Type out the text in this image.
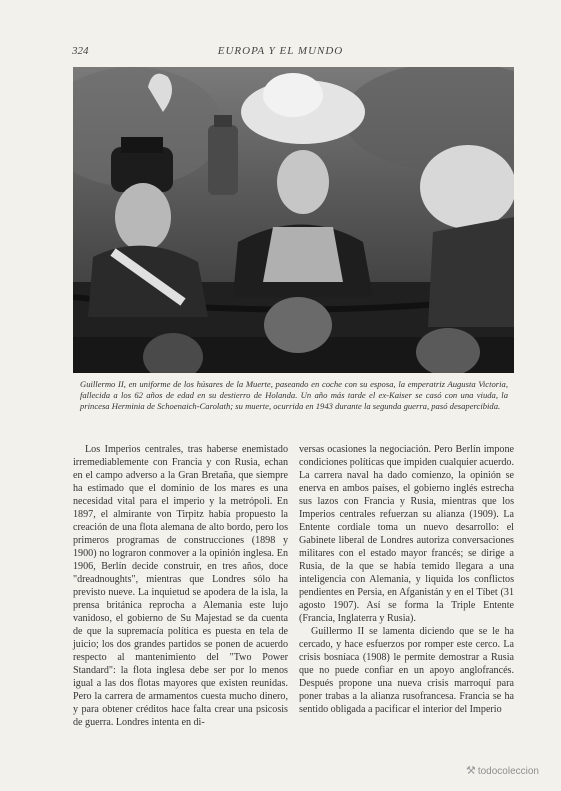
324	EUROPA Y EL MUNDO
Guillermo II, en uniforme de los húsares de la Muerte, paseando en coche con su esposa, la emperatriz Augusta Victoria, fallecida a los 62 años de edad en su destierro de Holanda. Un año más tarde el ex-Kaiser se casó con una viuda, la princesa Herminia de Schoenaich-Carolath; su muerte, ocurrida en 1943 durante la segunda guerra, pasó desapercibida.

Los Imperios centrales, tras haberse enemistado irremediablemente con Francia y con Rusia, echan en el campo adverso a la Gran Bretaña, que siempre ha estimado que el dominio de los mares es una necesidad vital para el imperio y la metrópoli. En 1897, el almirante von Tirpitz había propuesto la creación de una flota alemana de alto bordo, pero los primeros programas de construcciones (1898 y 1900) no lograron conmover a la opinión inglesa. En 1906, Berlín decide construir, en tres años, doce "dreadnoughts", mientras que Londres sólo ha previsto nueve. La inquietud se apodera de la isla, la prensa británica reprocha a Alemania este lujo vanidoso, el gobierno de Su Majestad se da cuenta de que la supremacía política es puesta en tela de juicio; los dos grandes partidos se ponen de acuerdo respecto al mantenimiento del "Two Power Standard": la flota inglesa debe ser por lo menos igual a las dos flotas mayores que existen reunidas. Pero la carrera de armamentos cuesta mucho dinero, y para obtener créditos hace falta crear una psicosis de guerra. Londres intenta en di-

versas ocasiones la negociación. Pero Berlín impone condiciones políticas que impiden cualquier acuerdo. La carrera naval ha dado comienzo, la opinión se enerva en ambos países, el gobierno inglés estrecha sus lazos con Francia y Rusia, mientras que los Imperios centrales refuerzan su alianza (1909). La Entente cordiale toma un nuevo desarrollo: el Gabinete liberal de Londres autoriza conversaciones militares con el estado mayor francés; se dirige a Rusia, de la que se había temido llegara a una inteligencia con Alemania, y liquida los conflictos pendientes en Persia, en Afganistán y en el Tíbet (31 agosto 1907). Así se forma la Triple Entente (Francia, Inglaterra y Rusia).

Guillermo II se lamenta diciendo que se le ha cercado, y hace esfuerzos por romper este cerco. La crisis bosníaca (1908) le permite demostrar a Rusia que no puede confiar en un apoyo anglofrancés. Después propone una nueva crisis marroquí para poner trabas a la alianza rusofrancesa. Francia se ha sentido obligada a pacificar el interior del Imperio

⚒ todocoleccion
